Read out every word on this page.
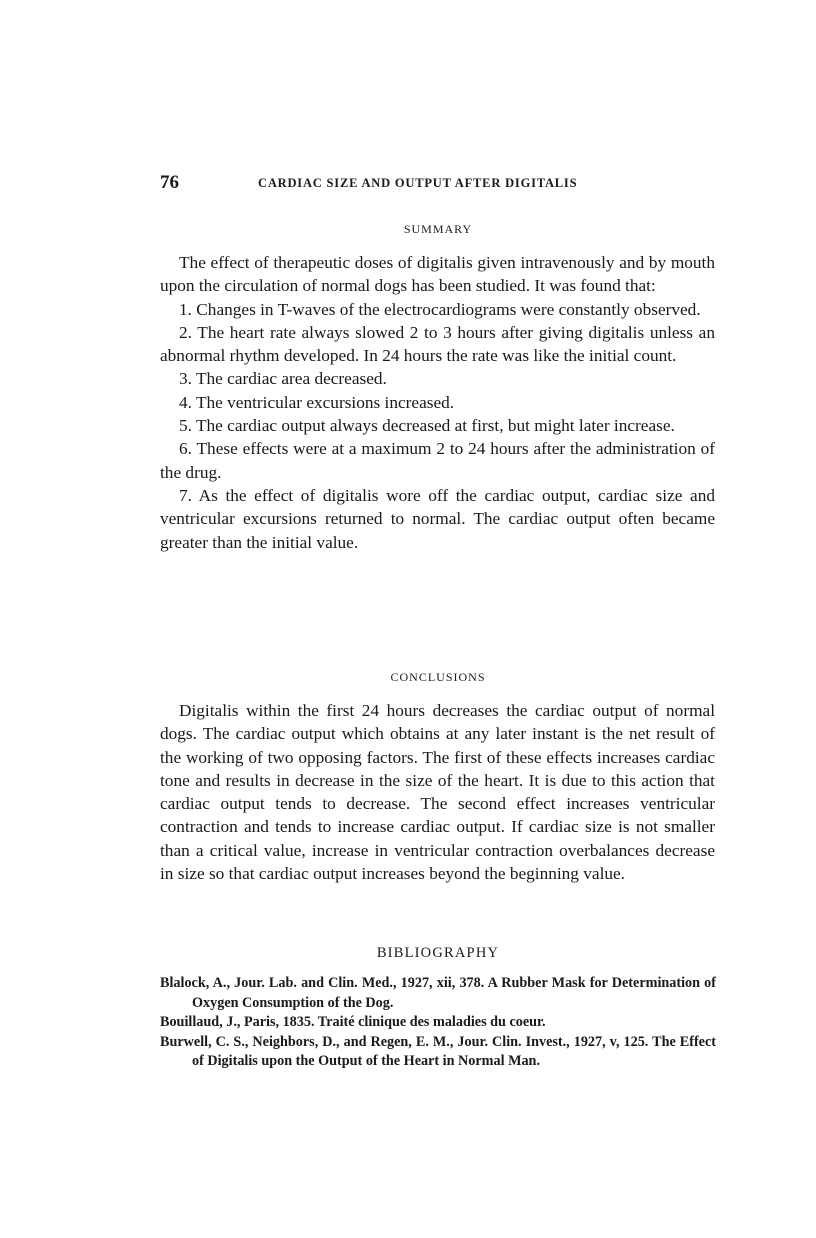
76	CARDIAC SIZE AND OUTPUT AFTER DIGITALIS
SUMMARY

The effect of therapeutic doses of digitalis given intravenously and by mouth upon the circulation of normal dogs has been studied. It was found that:

1. Changes in T-waves of the electrocardiograms were constantly observed.

2. The heart rate always slowed 2 to 3 hours after giving digitalis unless an abnormal rhythm developed. In 24 hours the rate was like the initial count.

3. The cardiac area decreased.

4. The ventricular excursions increased.

5. The cardiac output always decreased at first, but might later increase.

6. These effects were at a maximum 2 to 24 hours after the administration of the drug.

7. As the effect of digitalis wore off the cardiac output, cardiac size and ventricular excursions returned to normal. The cardiac output often became greater than the initial value.

CONCLUSIONS

Digitalis within the first 24 hours decreases the cardiac output of normal dogs. The cardiac output which obtains at any later instant is the net result of the working of two opposing factors. The first of these effects increases cardiac tone and results in decrease in the size of the heart. It is due to this action that cardiac output tends to decrease. The second effect increases ventricular contraction and tends to increase cardiac output. If cardiac size is not smaller than a critical value, increase in ventricular contraction overbalances decrease in size so that cardiac output increases beyond the beginning value.

BIBLIOGRAPHY

Blalock, A., Jour. Lab. and Clin. Med., 1927, xii, 378. A Rubber Mask for Determination of Oxygen Consumption of the Dog.

Bouillaud, J., Paris, 1835. Traité clinique des maladies du coeur.

Burwell, C. S., Neighbors, D., and Regen, E. M., Jour. Clin. Invest., 1927, v, 125. The Effect of Digitalis upon the Output of the Heart in Normal Man.
